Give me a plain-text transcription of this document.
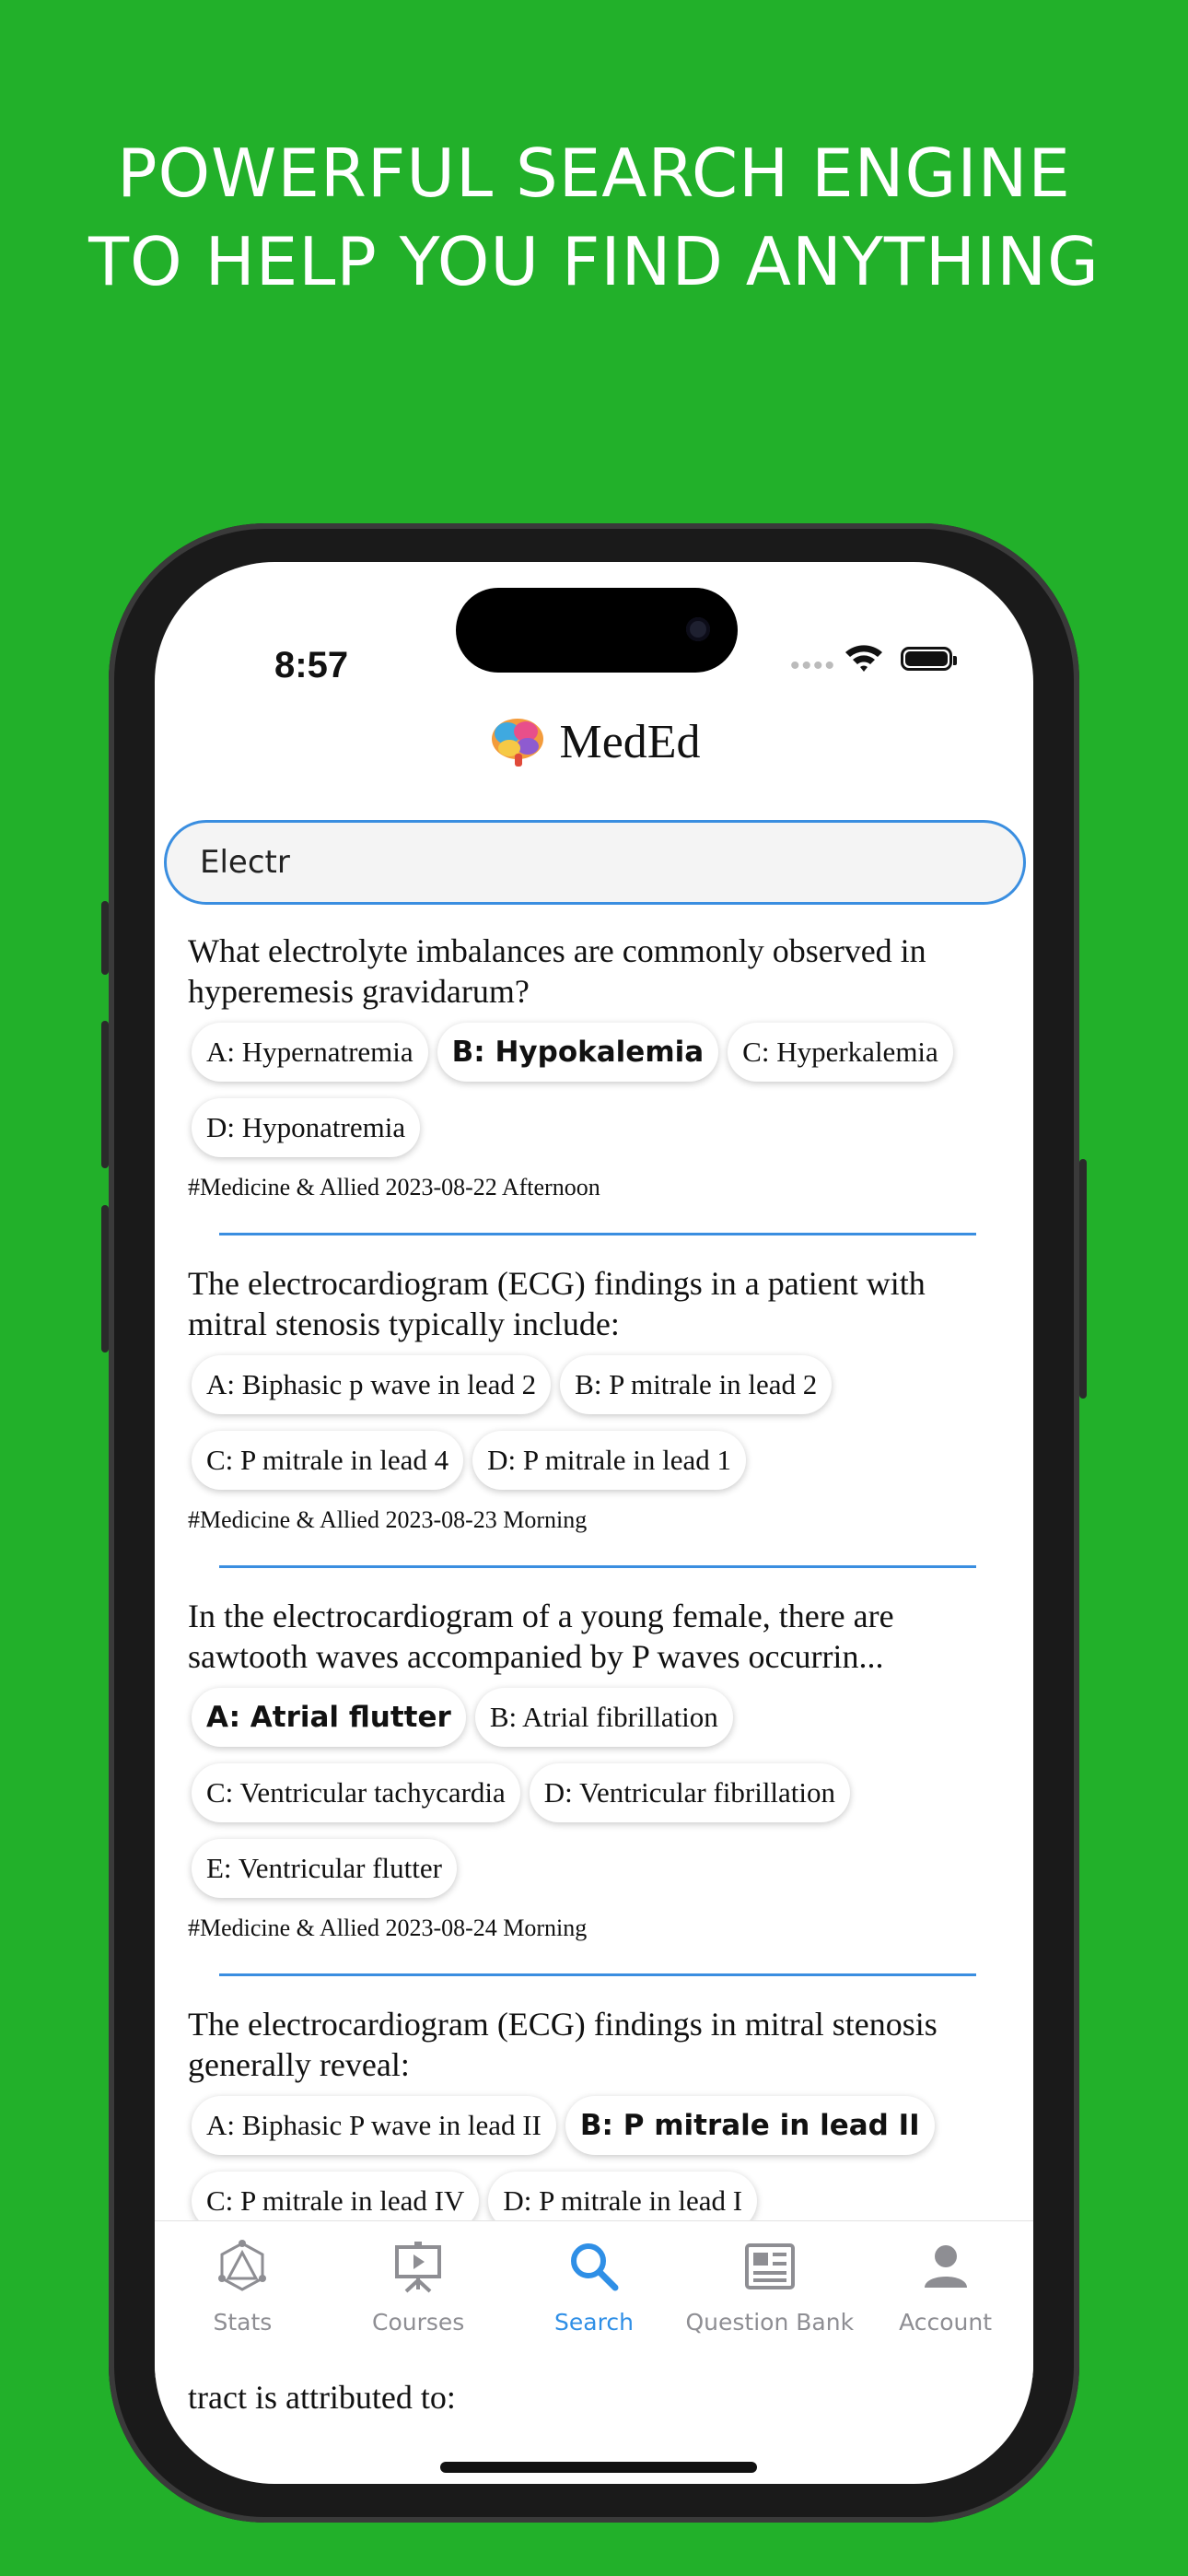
POWERFUL SEARCH ENGINE
TO HELP YOU FIND ANYTHING
8:57	••••
MedEd
Electr
What electrolyte imbalances are commonly observed in hyperemesis gravidarum?
A: Hypernatremia	B: Hypokalemia	C: Hyperkalemia
D: Hyponatremia
#Medicine & Allied 2023-08-22 Afternoon
The electrocardiogram (ECG) findings in a patient with mitral stenosis typically include:
A: Biphasic p wave in lead 2	B: P mitrale in lead 2
C: P mitrale in lead 4	D: P mitrale in lead 1
#Medicine & Allied 2023-08-23 Morning
In the electrocardiogram of a young female, there are sawtooth waves accompanied by P waves occurrin...
A: Atrial flutter	B: Atrial fibrillation
C: Ventricular tachycardia	D: Ventricular fibrillation
E: Ventricular flutter
#Medicine & Allied 2023-08-24 Morning
The electrocardiogram (ECG) findings in mitral stenosis generally reveal:
A: Biphasic P wave in lead II	B: P mitrale in lead II
C: P mitrale in lead IV	D: P mitrale in lead I
tract is attributed to:
Stats	Courses	Search Question Bank Account
